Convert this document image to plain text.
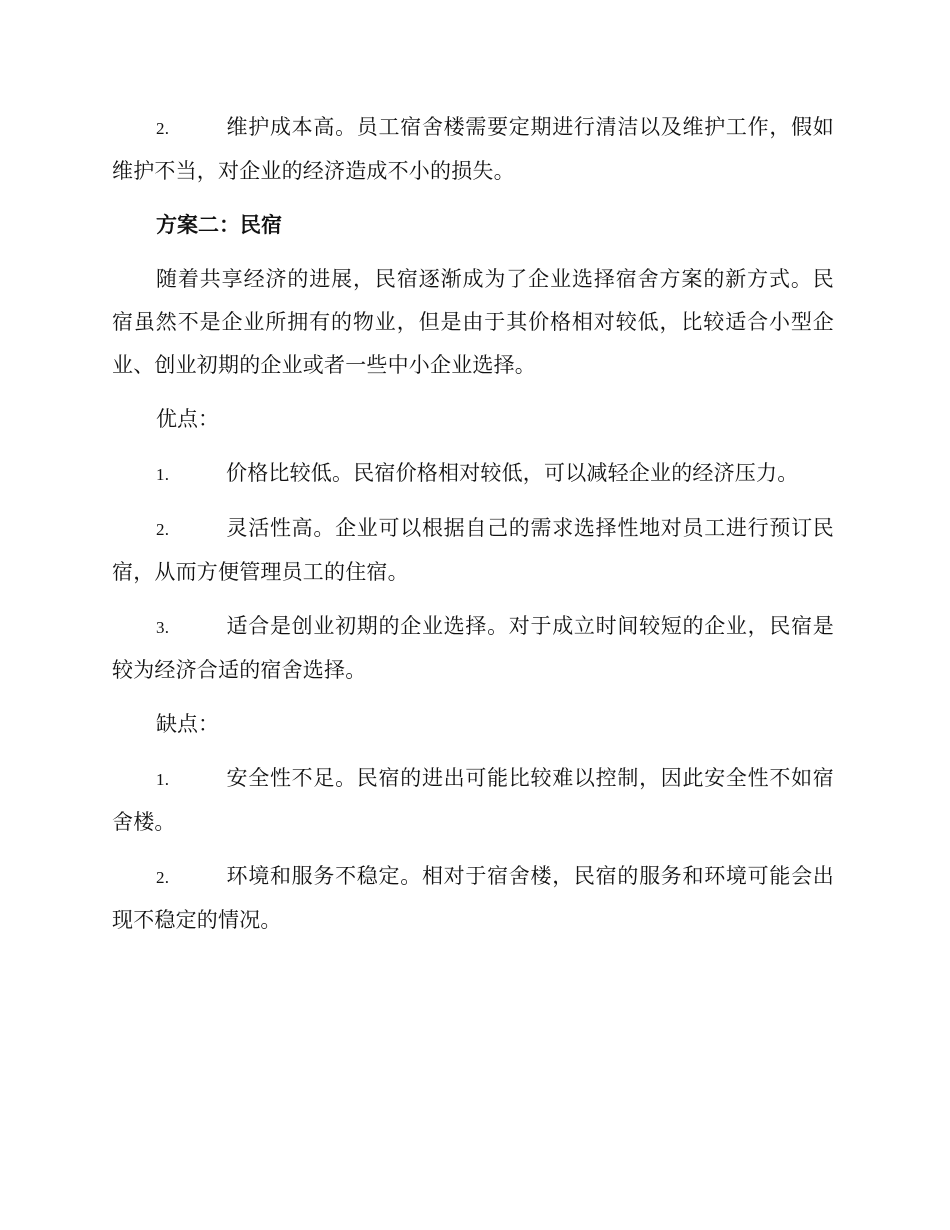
2.	维护成本高。员工宿舍楼需要定期进行清洁以及维护工作，假如维护不当，对企业的经济造成不小的损失。

方案二：民宿

随着共享经济的进展，民宿逐渐成为了企业选择宿舍方案的新方式。民宿虽然不是企业所拥有的物业，但是由于其价格相对较低，比较适合小型企业、创业初期的企业或者一些中小企业选择。

优点：

1.	价格比较低。民宿价格相对较低，可以减轻企业的经济压力。

2.	灵活性高。企业可以根据自己的需求选择性地对员工进行预订民宿，从而方便管理员工的住宿。

3.	适合是创业初期的企业选择。对于成立时间较短的企业，民宿是较为经济合适的宿舍选择。

缺点：

1.	安全性不足。民宿的进出可能比较难以控制，因此安全性不如宿舍楼。

2.	环境和服务不稳定。相对于宿舍楼，民宿的服务和环境可能会出现不稳定的情况。
